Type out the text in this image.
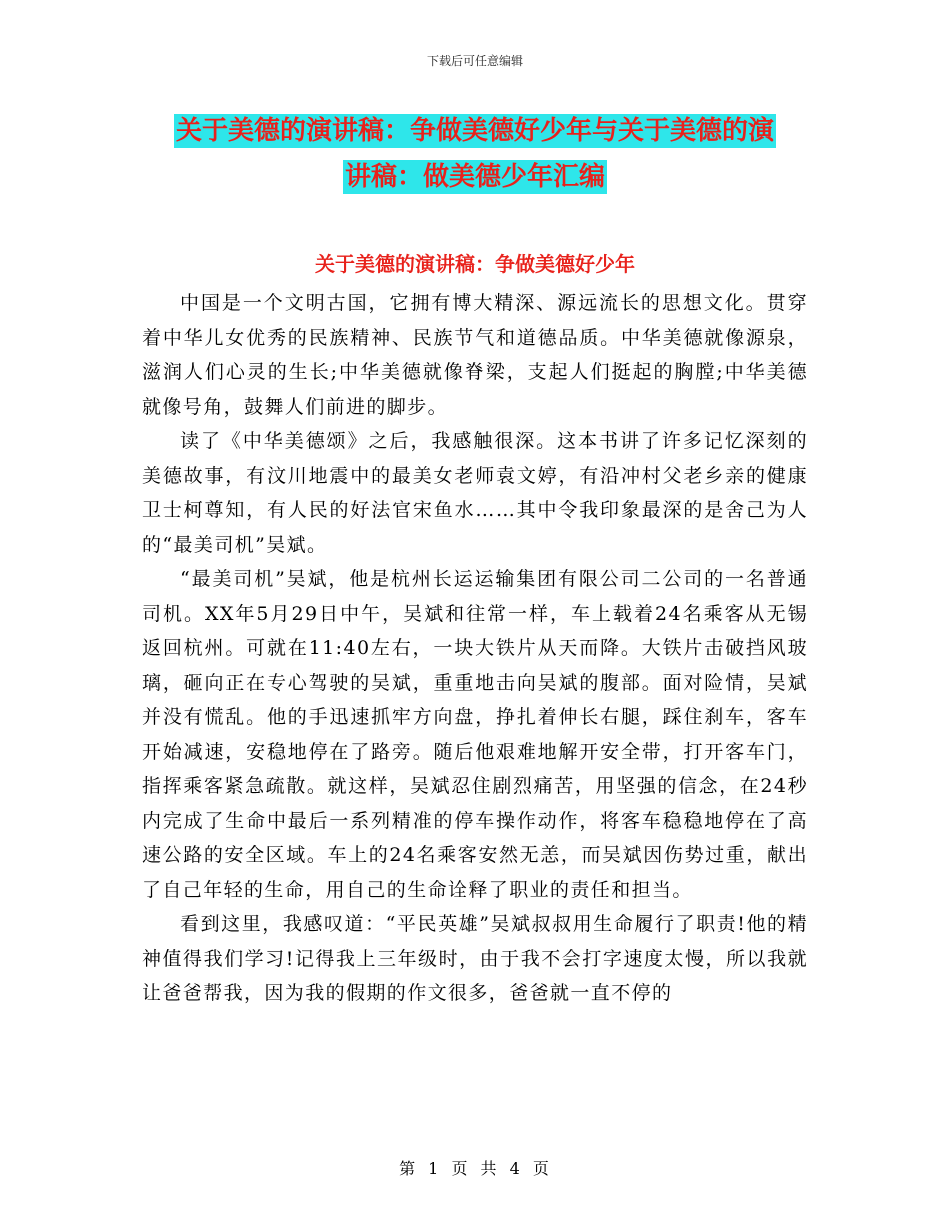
下载后可任意编辑
关于美德的演讲稿：争做美德好少年与关于美德的演
讲稿：做美德少年汇编
关于美德的演讲稿：争做美德好少年

中国是一个文明古国，它拥有博大精深、源远流长的思想文化。贯穿着中华儿女优秀的民族精神、民族节气和道德品质。中华美德就像源泉，滋润人们心灵的生长;中华美德就像脊梁，支起人们挺起的胸膛;中华美德就像号角，鼓舞人们前进的脚步。

读了《中华美德颂》之后，我感触很深。这本书讲了许多记忆深刻的美德故事，有汶川地震中的最美女老师袁文婷，有沿冲村父老乡亲的健康卫士柯尊知，有人民的好法官宋鱼水……其中令我印象最深的是舍己为人的“最美司机”吴斌。

“最美司机”吴斌，他是杭州长运运输集团有限公司二公司的一名普通司机。XX年5月29日中午，吴斌和往常一样，车上载着24名乘客从无锡返回杭州。可就在11:40左右，一块大铁片从天而降。大铁片击破挡风玻璃，砸向正在专心驾驶的吴斌，重重地击向吴斌的腹部。面对险情，吴斌并没有慌乱。他的手迅速抓牢方向盘，挣扎着伸长右腿，踩住刹车，客车开始减速，安稳地停在了路旁。随后他艰难地解开安全带，打开客车门，指挥乘客紧急疏散。就这样，吴斌忍住剧烈痛苦，用坚强的信念，在24秒内完成了生命中最后一系列精准的停车操作动作，将客车稳稳地停在了高速公路的安全区域。车上的24名乘客安然无恙，而吴斌因伤势过重，献出了自己年轻的生命，用自己的生命诠释了职业的责任和担当。

看到这里，我感叹道：“平民英雄”吴斌叔叔用生命履行了职责!他的精神值得我们学习!记得我上三年级时，由于我不会打字速度太慢，所以我就让爸爸帮我，因为我的假期的作文很多，爸爸就一直不停的

第 1 页 共 4 页
